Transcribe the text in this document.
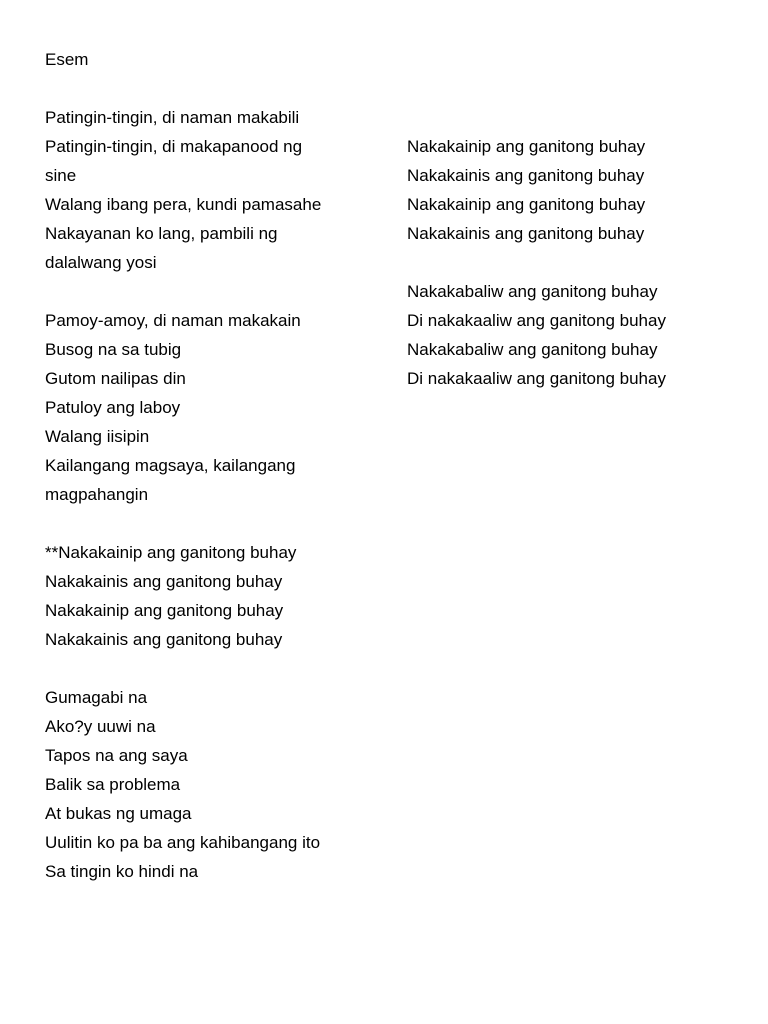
Esem
Patingin-tingin, di naman makabili
Patingin-tingin, di makapanood ng
sine
Walang ibang pera, kundi pamasahe
Nakayanan ko lang, pambili ng
dalalwang yosi
Pamoy-amoy, di naman makakain
Busog na sa tubig
Gutom nailipas din
Patuloy ang laboy
Walang iisipin
Kailangang magsaya, kailangang
magpahangin
**Nakakainip ang ganitong buhay
Nakakainis ang ganitong buhay
Nakakainip ang ganitong buhay
Nakakainis ang ganitong buhay
Gumagabi na
Ako?y uuwi na
Tapos na ang saya
Balik sa problema
At bukas ng umaga
Uulitin ko pa ba ang kahibangang ito
Sa tingin ko hindi na
Nakakainip ang ganitong buhay
Nakakainis ang ganitong buhay
Nakakainip ang ganitong buhay
Nakakainis ang ganitong buhay
Nakakabaliw ang ganitong buhay
Di nakakaaliw ang ganitong buhay
Nakakabaliw ang ganitong buhay
Di nakakaaliw ang ganitong buhay
